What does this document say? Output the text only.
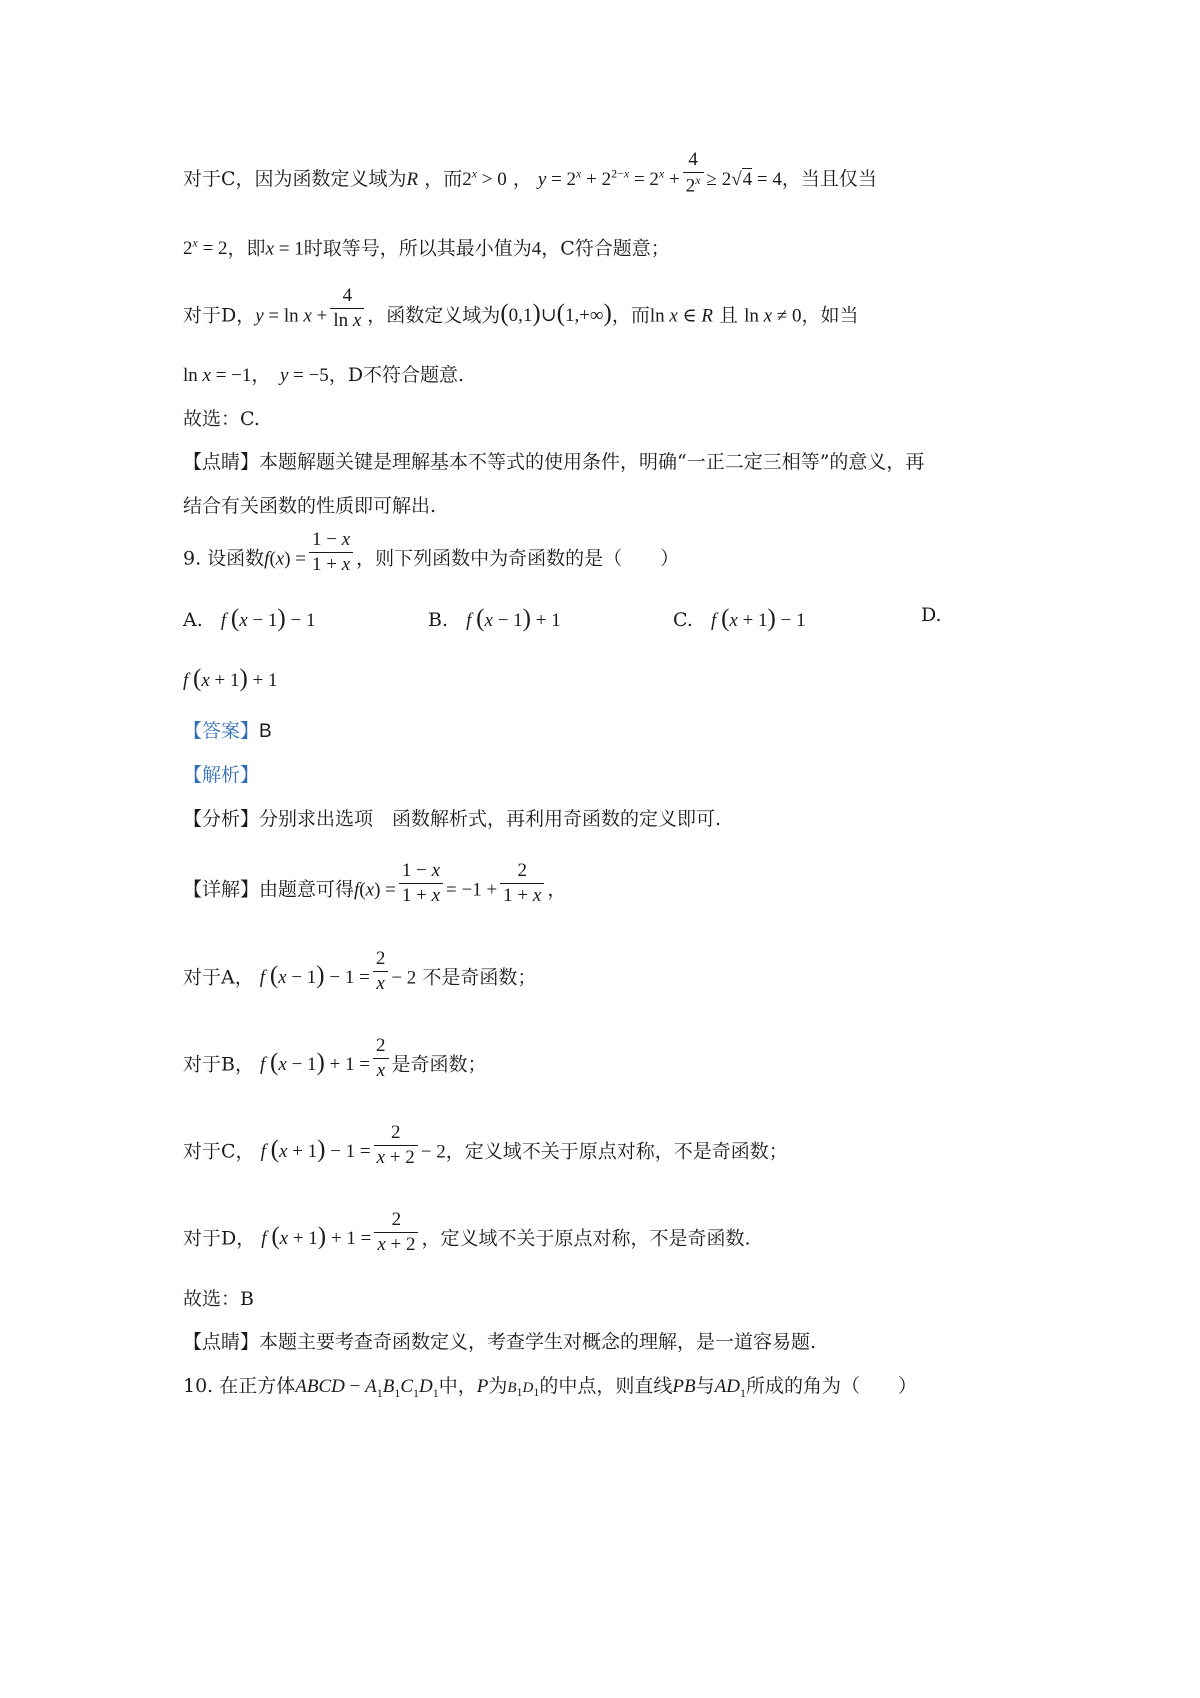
对于C，因为函数定义域为R ，而$2^x > 0$ ， $y = 2^x + 2^{2-x} = 2^x + \frac{4}{2^x} \ge 2√4 = 4$，当且仅当
$2^x = 2$，即x = 1时取等号，所以其最小值为4，C符合题意；
对于D，$y = \ln x + \frac{4}{\text{ln x}}$ ，函数定义域为(0,1)∪(1,+∞)，而ln x ∈ R 且 ln x ≠ 0，如当
ln x = −1，　 y = −5，D不符合题意.
故选：C.
【点睛】本题解题关键是理解基本不等式的使用条件，明确“一正二定三相等”的意义，再
结合有关函数的性质即可解出.
9. 设函数$f(x) = \frac{1 - x}{1 + x}$ ，则下列函数中为奇函数的是（　　）
A. f (x − 1) − 1	B. f (x − 1) + 1	C. f (x + 1) − 1	D.
f (x + 1) + 1
【答案】B
【解析】
【分析】分别求出选项　函数解析式，再利用奇函数的定义即可.
【详解】由题意可得$f(x) = \frac{1 - x}{1 + x} = -1 + \frac{2}{1 + x}$ ，
对于A， f $(x - 1) - 1 = \frac{2}{x} - 2$ 不是奇函数；
对于B， f $(x - 1) + 1 = \frac{2}{x}$ 是奇函数；
对于C， f $(x + 1) - 1 = \frac{2}{x + 2} - 2$，定义域不关于原点对称，不是奇函数；
对于D， f $(x + 1) + 1 = \frac{2}{x + 2}$ ，定义域不关于原点对称，不是奇函数.
故选：B
【点睛】本题主要考查奇函数定义，考查学生对概念的理解，是一道容易题.
10. 在正方体ABCD − $A_1B_1C_1D_1$中，P为$B_1D_1$的中点，则直线PB与$AD_1$所成的角为（　　）
